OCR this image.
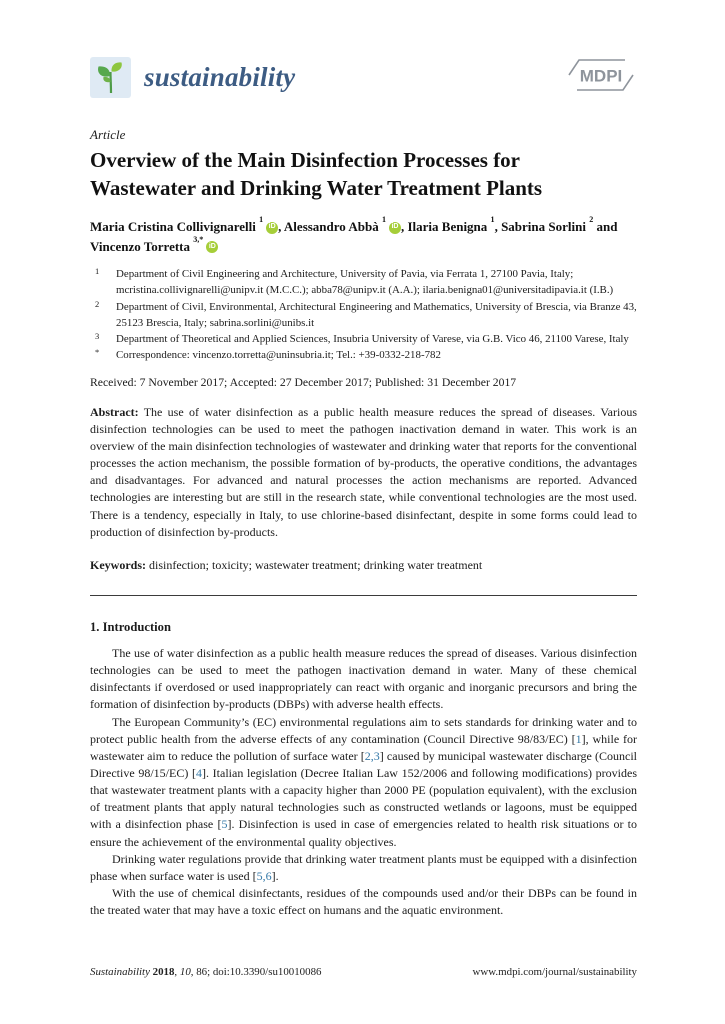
sustainability	MDPI
Article
Overview of the Main Disinfection Processes for Wastewater and Drinking Water Treatment Plants
Maria Cristina Collivignarelli $^1$iD , Alessandro Abbà $^1$iD , Ilaria Benigna $^1$, Sabrina Sorlini $^2$ and Vincenzo Torretta $^{3,*}$iD
1	Department of Civil Engineering and Architecture, University of Pavia, via Ferrata 1, 27100 Pavia, Italy; mcristina.collivignarelli@unipv.it (M.C.C.); abba78@unipv.it (A.A.); ilaria.benigna01@universitadipavia.it (I.B.)
2	Department of Civil, Environmental, Architectural Engineering and Mathematics, University of Brescia, via Branze 43, 25123 Brescia, Italy; sabrina.sorlini@unibs.it
3	Department of Theoretical and Applied Sciences, Insubria University of Varese, via G.B. Vico 46, 21100 Varese, Italy
*	Correspondence: vincenzo.torretta@uninsubria.it; Tel.: +39-0332-218-782
Received: 7 November 2017; Accepted: 27 December 2017; Published: 31 December 2017
Abstract: The use of water disinfection as a public health measure reduces the spread of diseases. Various disinfection technologies can be used to meet the pathogen inactivation demand in water. This work is an overview of the main disinfection technologies of wastewater and drinking water that reports for the conventional processes the action mechanism, the possible formation of by-products, the operative conditions, the advantages and disadvantages. For advanced and natural processes the action mechanisms are reported. Advanced technologies are interesting but are still in the research state, while conventional technologies are the most used. There is a tendency, especially in Italy, to use chlorine-based disinfectant, despite in some forms could lead to production of disinfection by-products.
Keywords: disinfection; toxicity; wastewater treatment; drinking water treatment
1. Introduction

The use of water disinfection as a public health measure reduces the spread of diseases. Various disinfection technologies can be used to meet the pathogen inactivation demand in water. Many of these chemical disinfectants if overdosed or used inappropriately can react with organic and inorganic precursors and bring the formation of disinfection by-products (DBPs) with adverse health effects.

The European Community’s (EC) environmental regulations aim to sets standards for drinking water and to protect public health from the adverse effects of any contamination (Council Directive 98/83/EC) [1], while for wastewater aim to reduce the pollution of surface water [2,3] caused by municipal wastewater discharge (Council Directive 98/15/EC) [4]. Italian legislation (Decree Italian Law 152/2006 and following modifications) provides that wastewater treatment plants with a capacity higher than 2000 PE (population equivalent), with the exclusion of treatment plants that apply natural technologies such as constructed wetlands or lagoons, must be equipped with a disinfection phase [5]. Disinfection is used in case of emergencies related to health risk situations or to ensure the achievement of the environmental quality objectives.

Drinking water regulations provide that drinking water treatment plants must be equipped with a disinfection phase when surface water is used [5,6].

With the use of chemical disinfectants, residues of the compounds used and/or their DBPs can be found in the treated water that may have a toxic effect on humans and the aquatic environment.

Sustainability 2018, 10, 86; doi:10.3390/su10010086	www.mdpi.com/journal/sustainability
